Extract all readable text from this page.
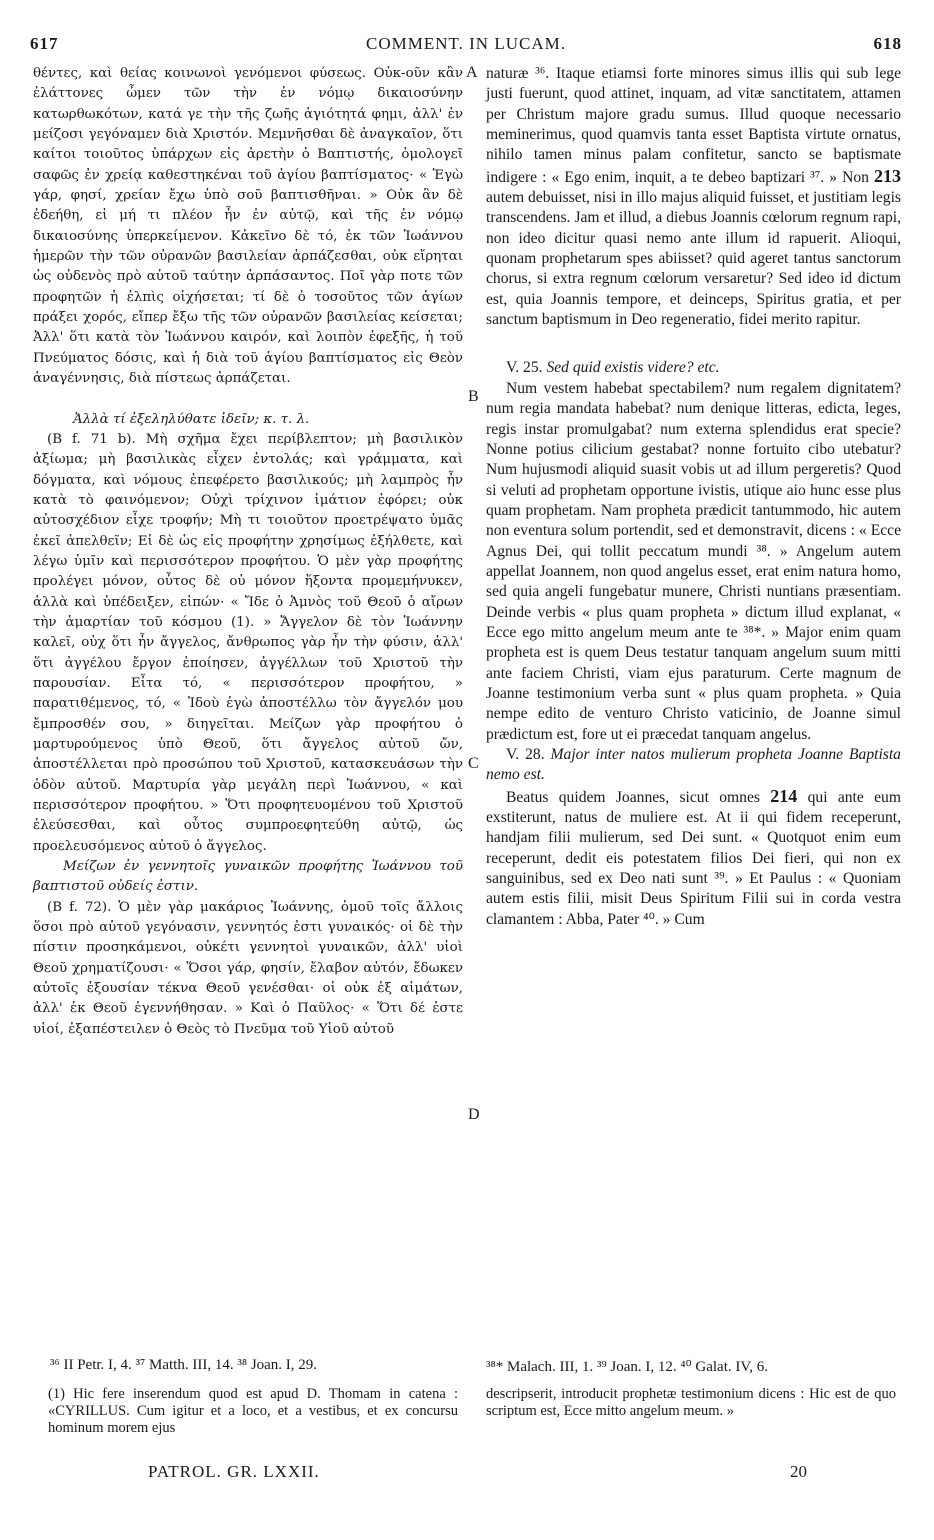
617	COMMENT. IN LUCAM.	618

θέντες, καὶ θείας κοινωνοὶ γενόμενοι φύσεως. Οὐκ-οῦν κἂν ἐλάττονες ὦμεν τῶν τὴν ἐν νόμῳ δικαιοσύνην κατωρθωκότων, κατά γε τὴν τῆς ζωῆς ἁγιότητά φημι, ἀλλ' ἐν μείζοσι γεγόναμεν διὰ Χριστόν. Μεμνῆσθαι δὲ ἀναγκαῖον, ὅτι καίτοι τοιοῦτος ὑπάρχων εἰς ἀρετὴν ὁ Βαπτιστής, ὁμολογεῖ σαφῶς ἐν χρείᾳ καθεστηκέναι τοῦ ἁγίου βαπτίσματος· « Ἐγὼ γάρ, φησί, χρείαν ἔχω ὑπὸ σοῦ βαπτισθῆναι. » Οὐκ ἂν δὲ ἐδεήθη, εἰ μή τι πλέον ἦν ἐν αὐτῷ, καὶ τῆς ἐν νόμῳ δικαιοσύνης ὑπερκείμενον. Κἀκεῖνο δὲ τό, ἐκ τῶν Ἰωάννου ἡμερῶν τὴν τῶν οὐρανῶν βασιλείαν ἁρπάζεσθαι, οὐκ εἴρηται ὡς οὐδενὸς πρὸ αὐτοῦ ταύτην ἁρπάσαντος. Ποῖ γὰρ ποτε τῶν προφητῶν ἡ ἐλπὶς οἰχήσεται; τί δὲ ὁ τοσοῦτος τῶν ἁγίων πράξει χορός, εἴπερ ἔξω τῆς τῶν οὐρανῶν βασιλείας κείσεται; Ἀλλ' ὅτι κατὰ τὸν Ἰωάννου καιρόν, καὶ λοιπὸν ἐφεξῆς, ἡ τοῦ Πνεύματος δόσις, καὶ ἡ διὰ τοῦ ἁγίου βαπτίσματος εἰς Θεὸν ἀναγέννησις, διὰ πίστεως ἁρπάζεται.

Ἀλλὰ τί ἐξεληλύθατε ἰδεῖν; κ. τ. λ.

(B f. 71 b). Μὴ σχῆμα ἔχει περίβλεπτον; μὴ βασιλικὸν ἀξίωμα; μὴ βασιλικὰς εἶχεν ἐντολάς; καὶ γράμματα, καὶ δόγματα, καὶ νόμους ἐπεφέρετο βασιλικούς; μὴ λαμπρὸς ἦν κατὰ τὸ φαινόμενον; Οὐχὶ τρίχινον ἱμάτιον ἐφόρει; οὐκ αὐτοσχέδιον εἶχε τροφήν; Μὴ τι τοιοῦτον προετρέψατο ὑμᾶς ἐκεῖ ἀπελθεῖν; Εἰ δὲ ὡς εἰς προφήτην χρησίμως ἐξήλθετε, καὶ λέγω ὑμῖν καὶ περισσότερον προφήτου. Ὁ μὲν γὰρ προφήτης προλέγει μόνον, οὗτος δὲ οὐ μόνον ἥξοντα προμεμήνυκεν, ἀλλὰ καὶ ὑπέδειξεν, εἰπών· « Ἴδε ὁ Ἀμνὸς τοῦ Θεοῦ ὁ αἴρων τὴν ἁμαρτίαν τοῦ κόσμου (1). » Ἄγγελον δὲ τὸν Ἰωάννην καλεῖ, οὐχ ὅτι ἦν ἄγγελος, ἄνθρωπος γὰρ ἦν τὴν φύσιν, ἀλλ' ὅτι ἀγγέλου ἔργον ἐποίησεν, ἀγγέλλων τοῦ Χριστοῦ τὴν παρουσίαν. Εἶτα τό, « περισσότερον προφήτου, » παρατιθέμενος, τό, « Ἰδοὺ ἐγὼ ἀποστέλλω τὸν ἄγγελόν μου ἔμπροσθέν σου, » διηγεῖται. Μείζων γὰρ προφήτου ὁ μαρτυρούμενος ὑπὸ Θεοῦ, ὅτι ἄγγελος αὐτοῦ ὤν, ἀποστέλλεται πρὸ προσώπου τοῦ Χριστοῦ, κατασκευάσων τὴν ὁδὸν αὐτοῦ. Μαρτυρία γὰρ μεγάλη περὶ Ἰωάννου, « καὶ περισσότερον προφήτου. » Ὅτι προφητευομένου τοῦ Χριστοῦ ἐλεύσεσθαι, καὶ οὗτος συμπροεφητεύθη αὐτῷ, ὡς προελευσόμενος αὐτοῦ ὁ ἄγγελος.

Μείζων ἐν γεννητοῖς γυναικῶν προφήτης Ἰωάννου τοῦ βαπτιστοῦ οὐδείς ἐστιν.

(B f. 72). Ὁ μὲν γὰρ μακάριος Ἰωάννης, ὁμοῦ τοῖς ἄλλοις ὅσοι πρὸ αὐτοῦ γεγόνασιν, γεννητός ἐστι γυναικός· οἱ δὲ τὴν πίστιν προσηκάμενοι, οὐκέτι γεννητοὶ γυναικῶν, ἀλλ' υἱοὶ Θεοῦ χρηματίζουσι· « Ὅσοι γάρ, φησίν, ἔλαβον αὐτόν, ἔδωκεν αὐτοῖς ἐξουσίαν τέκνα Θεοῦ γενέσθαι· οἱ οὐκ ἐξ αἱμάτων, ἀλλ' ἐκ Θεοῦ ἐγεννήθησαν. » Καὶ ὁ Παῦλος· « Ὅτι δέ ἐστε υἱοί, ἐξαπέστειλεν ὁ Θεὸς τὸ Πνεῦμα τοῦ Υἱοῦ αὐτοῦ

A
B
C
D

naturæ ³⁶. Itaque etiamsi forte minores simus illis qui sub lege justi fuerunt, quod attinet, inquam, ad vitæ sanctitatem, attamen per Christum majore gradu sumus. Illud quoque necessario meminerimus, quod quamvis tanta esset Baptista virtute ornatus, nihilo tamen minus palam confitetur, sancto se baptismate indigere : « Ego enim, inquit, a te debeo baptizari ³⁷. » Non 213 autem debuisset, nisi in illo majus aliquid fuisset, et justitiam legis transcendens. Jam et illud, a diebus Joannis cœlorum regnum rapi, non ideo dicitur quasi nemo ante illum id rapuerit. Alioqui, quonam prophetarum spes abiisset? quid ageret tantus sanctorum chorus, si extra regnum cœlorum versaretur? Sed ideo id dictum est, quia Joannis tempore, et deinceps, Spiritus gratia, et per sanctum baptismum in Deo regeneratio, fidei merito rapitur.

V. 25. Sed quid existis videre? etc.

Num vestem habebat spectabilem? num regalem dignitatem? num regia mandata habebat? num denique litteras, edicta, leges, regis instar promulgabat? num externa splendidus erat specie? Nonne potius cilicium gestabat? nonne fortuito cibo utebatur? Num hujusmodi aliquid suasit vobis ut ad illum pergeretis? Quod si veluti ad prophetam opportune ivistis, utique aio hunc esse plus quam prophetam. Nam propheta prædicit tantummodo, hic autem non eventura solum portendit, sed et demonstravit, dicens : « Ecce Agnus Dei, qui tollit peccatum mundi ³⁸. » Angelum autem appellat Joannem, non quod angelus esset, erat enim natura homo, sed quia angeli fungebatur munere, Christi nuntians præsentiam. Deinde verbis « plus quam propheta » dictum illud explanat, « Ecce ego mitto angelum meum ante te ³⁸*. » Major enim quam propheta est is quem Deus testatur tanquam angelum suum mitti ante faciem Christi, viam ejus paraturum. Certe magnum de Joanne testimonium verba sunt « plus quam propheta. » Quia nempe edito de venturo Christo vaticinio, de Joanne simul prædictum est, fore ut ei præcedat tanquam angelus.

V. 28. Major inter natos mulierum propheta Joanne Baptista nemo est.

Beatus quidem Joannes, sicut omnes 214 qui ante eum exstiterunt, natus de muliere est. At ii qui fidem receperunt, handjam filii mulierum, sed Dei sunt. « Quotquot enim eum receperunt, dedit eis potestatem filios Dei fieri, qui non ex sanguinibus, sed ex Deo nati sunt ³⁹. » Et Paulus : « Quoniam autem estis filii, misit Deus Spiritum Filii sui in corda vestra clamantem : Abba, Pater ⁴⁰. » Cum

³⁶ II Petr. I, 4. ³⁷ Matth. III, 14. ³⁸ Joan. I, 29.	³⁸* Malach. III, 1. ³⁹ Joan. I, 12. ⁴⁰ Galat. IV, 6.
(1) Hic fere inserendum quod est apud D. Thomam in catena : «CYRILLUS. Cum igitur et a loco, et a vestibus, et ex concursu hominum morem ejus
descripserit, introducit prophetæ testimonium dicens : Hic est de quo scriptum est, Ecce mitto angelum meum. »
PATROL. GR. LXXII.	20
